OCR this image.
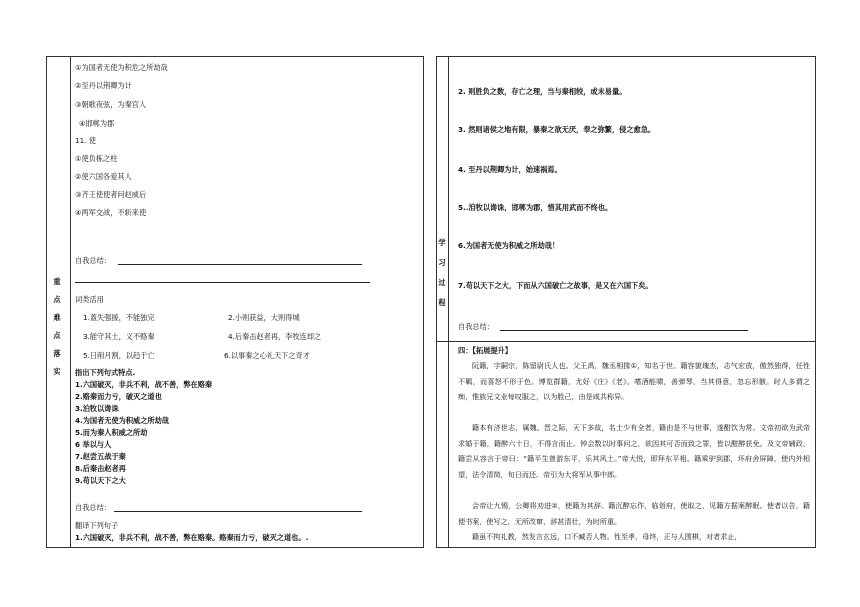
①为国者无使为积危之所劫哉
②至丹以荆卿为计
③朝歌夜弦，为秦宫人
④邯郸为郡
11. 使
①使负栋之柱
②使六国各爱其人
③齐王使使者问赵威后
④两军交战，不斩来使
自我总结：
重
点
难
点
落
实
词类活用
1.蓋失强援，不能独完	2.小则获益，大则得城
3.能守其土，义不赂秦	4.后秦击赵者再，李牧连却之
5.日削月割，以趋于亡	6.以事秦之心礼天下之奇才
指出下列句式特点.
1.六国破灭，非兵不利，战不善，弊在赂秦
2.赂秦而力亏，破灭之道也
3.泊牧以谗诛
4.为国者无使为积威之所劫哉
5.而为秦人积威之所劫
6 举以与人
7.赵尝五战于秦
8.后秦击赵者再
9.苟以天下之大
自我总结：
翻译下列句子
1.六国破灭，非兵不利，战不善，弊在赂秦。赂秦而力亏，破灭之道也。.
学
习
过
程
2. 则胜负之数，存亡之理，当与秦相较，或未易量。
3. 然则诸侯之地有限，暴秦之欲无厌，奉之弥繁，侵之愈急。
4. 至丹以荆卿为计，始速祸焉。
5..洎牧以谗诛，邯郸为郡，惜其用武而不终也。
6.为国者无使为积威之所劫哉！
7.苟以天下之大，下而从六国破亡之故事，是又在六国下矣。
自我总结：
四：【拓展提升】
阮籍，字嗣宗，陈留尉氏人也。父王禹，魏丞相掾①，知名于世。籍容貌瑰杰，志气宏放，傲然独得，任性不羁，而喜怒不形于色。博览群籍，尤好《庄》《老》。嗜酒能啸，善弹琴，当其得意，忽忘形骸。时人多谓之痴，惟族兄文业每叹服之，以为胜己，由是咸共称异。
籍本有济世志，属魏、晋之际，天下多故，名士少有全者，籍由是不与世事，遂酣饮为常。文帝初欲为武帝求婚于籍，籍醉六十日，不得言而止。钟会数以时事问之，欲因其可否而致之罪，皆以酣醉获免。及文帝辅政，籍尝从容言于帝曰：“籍平生曾游东平，乐其风土。”帝大悦，即拜东平相。籍乘驴到郡，坏府舍屏障，使内外相望，法令清简，旬日而还。帝引为大将军从事中郎。
会帝让九锡，公卿将劝进②，使籍为其辞。籍沉醉忘作，临诣府，使取之，见籍方据案醉眠。使者以告，籍便书案，使写之，无所改窜，辞甚清壮，为时所重。
籍虽不拘礼教，然发言玄远，口不臧否人物。性至孝，母终，正与人围棋，对者求止，
